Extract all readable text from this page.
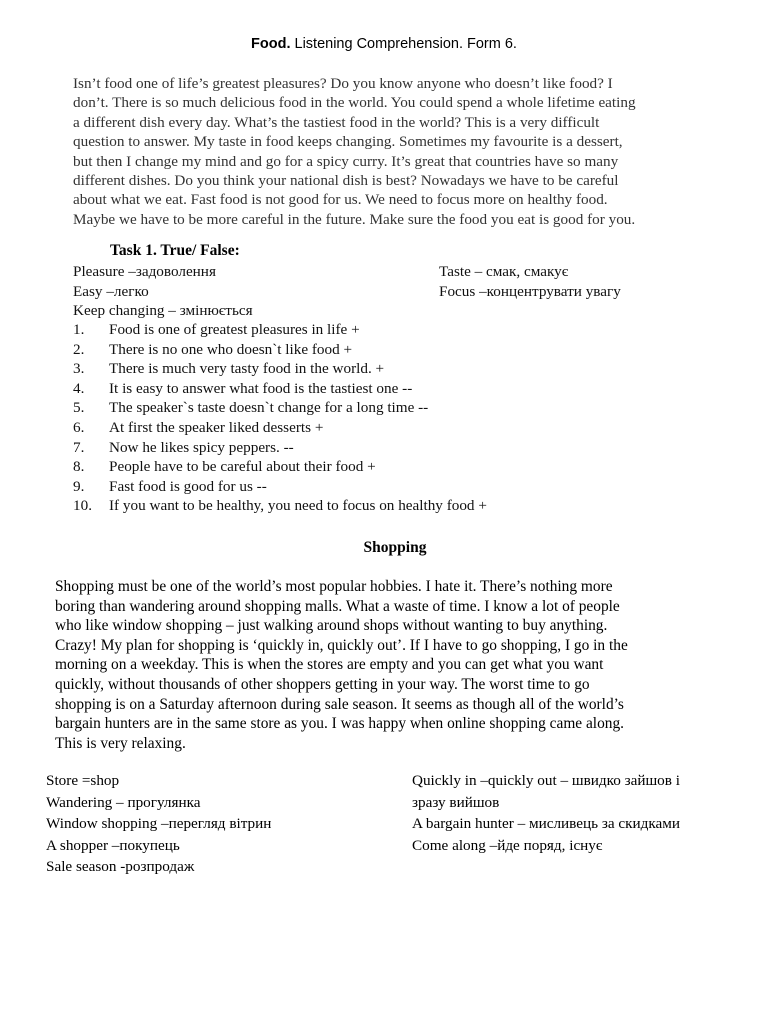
Food. Listening Comprehension. Form 6.
Isn’t food one of life’s greatest pleasures? Do you know anyone who doesn’t like food? I
don’t. There is so much delicious food in the world. You could spend a whole lifetime eating
a different dish every day. What’s the tastiest food in the world? This is a very difficult
question to answer. My taste in food keeps changing. Sometimes my favourite is a dessert,
but then I change my mind and go for a spicy curry. It’s great that countries have so many
different dishes. Do you think your national dish is best? Nowadays we have to be careful
about what we eat. Fast food is not good for us. We need to focus more on healthy food.
Maybe we have to be more careful in the future. Make sure the food you eat is good for you.
Task 1. True/ False:
Pleasure –задоволення	Taste – смак, смакує
Easy –легко	Focus –концентрувати увагу
Keep changing – змінюється
1. Food is one of greatest pleasures in life +
2. There is no one who doesn`t like food +
3. There is much very tasty food in the world. +
4. It is easy to answer what food is the tastiest one --
5. The speaker`s taste doesn`t change for a long time --
6. At first the speaker liked desserts +
7. Now he likes spicy peppers. --
8. People have to be careful about their food +
9. Fast food is good for us --
10. If you want to be healthy, you need to focus on healthy food +
Shopping
Shopping must be one of the world’s most popular hobbies. I hate it. There’s nothing more
boring than wandering around shopping malls. What a waste of time. I know a lot of people
who like window shopping – just walking around shops without wanting to buy anything.
Crazy! My plan for shopping is ‘quickly in, quickly out’. If I have to go shopping, I go in the
morning on a weekday. This is when the stores are empty and you can get what you want
quickly, without thousands of other shoppers getting in your way. The worst time to go
shopping is on a Saturday afternoon during sale season. It seems as though all of the world’s
bargain hunters are in the same store as you. I was happy when online shopping came along.
This is very relaxing.
Store =shop
Wandering – прогулянка
Window shopping –перегляд вітрин
A shopper –покупець
Sale season -розпродаж
Quickly in –quickly out – швидко зайшов і
зразу вийшов
A bargain hunter – мисливець за скидками
Come along –йде поряд, існує
